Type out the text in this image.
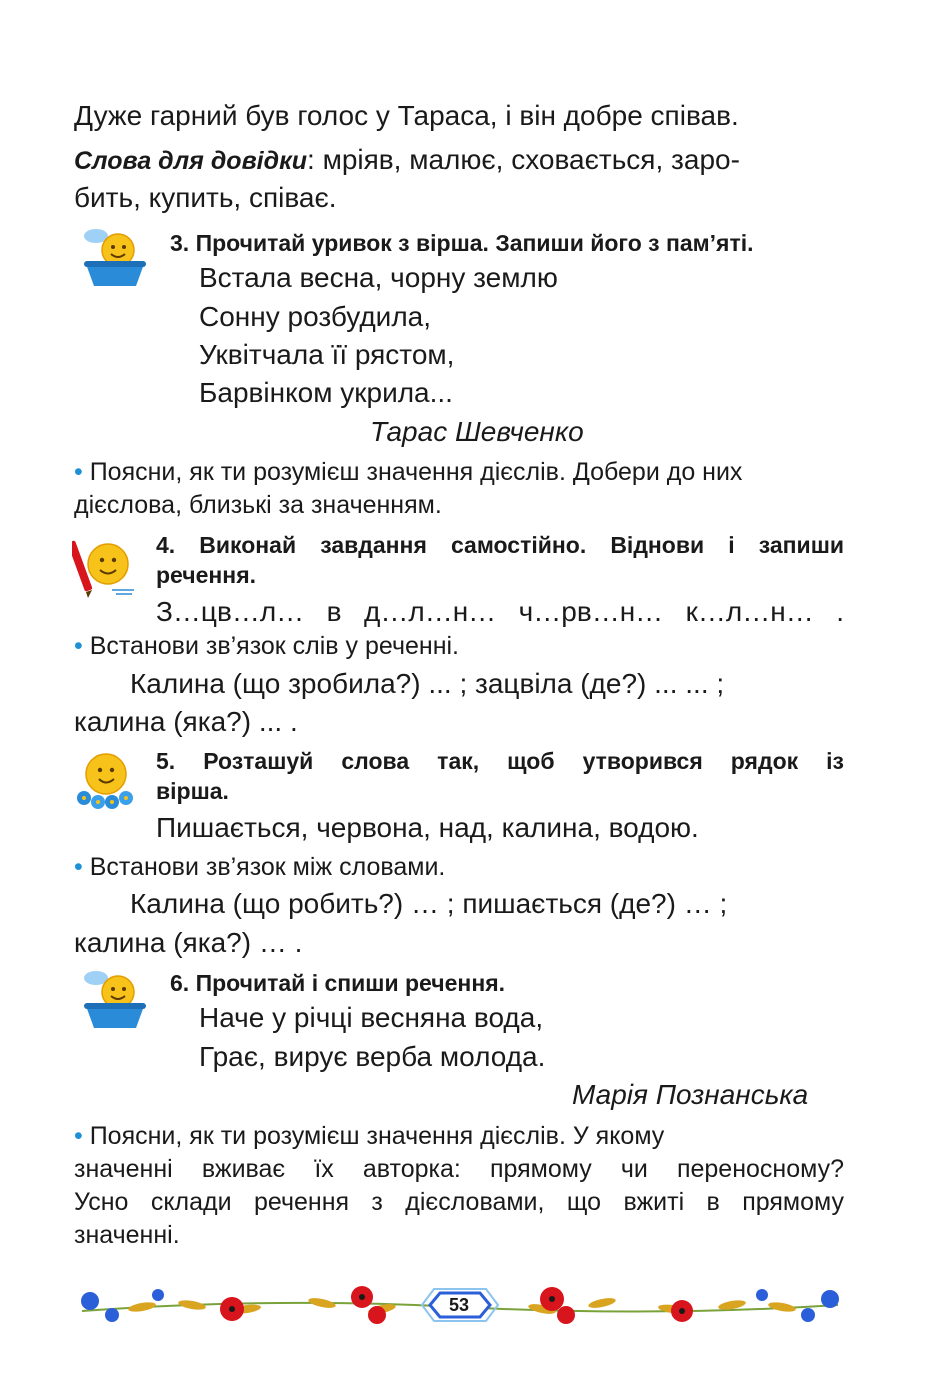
Дуже гарний був голос у Тараса, і він добре співав.
Слова для довідки: мріяв, малює, сховається, заро-
бить, купить, співає.
3. Прочитай уривок з вірша. Запиши його з пам’яті.
Встала весна, чорну землю
Сонну розбудила,
Уквітчала її рястом,
Барвінком укрила...
Тарас Шевченко
• Поясни, як ти розумієш значення дієслів. Добери до них
дієслова, близькі за значенням.
4. Виконай завдання самостійно. Віднови і запиши
речення.
З…цв…л… в д…л…н… ч…рв…н… к…л…н… .
• Встанови зв’язок слів у реченні.
Калина (що зробила?) ... ; зацвіла (де?) ... ... ;
калина (яка?) ... .
5. Розташуй слова так, щоб утворився рядок із
вірша.
Пишається, червона, над, калина, водою.
• Встанови зв’язок між словами.
Калина (що робить?) … ; пишається (де?) … ;
калина (яка?) … .
6. Прочитай і спиши речення.
Наче у річці весняна вода,
Грає, вирує верба молода.
Марія Познанська
• Поясни, як ти розумієш значення дієслів. У якому
значенні вживає їх авторка: прямому чи переносному?
Усно склади речення з дієсловами, що вжиті в прямому
значенні.
53
